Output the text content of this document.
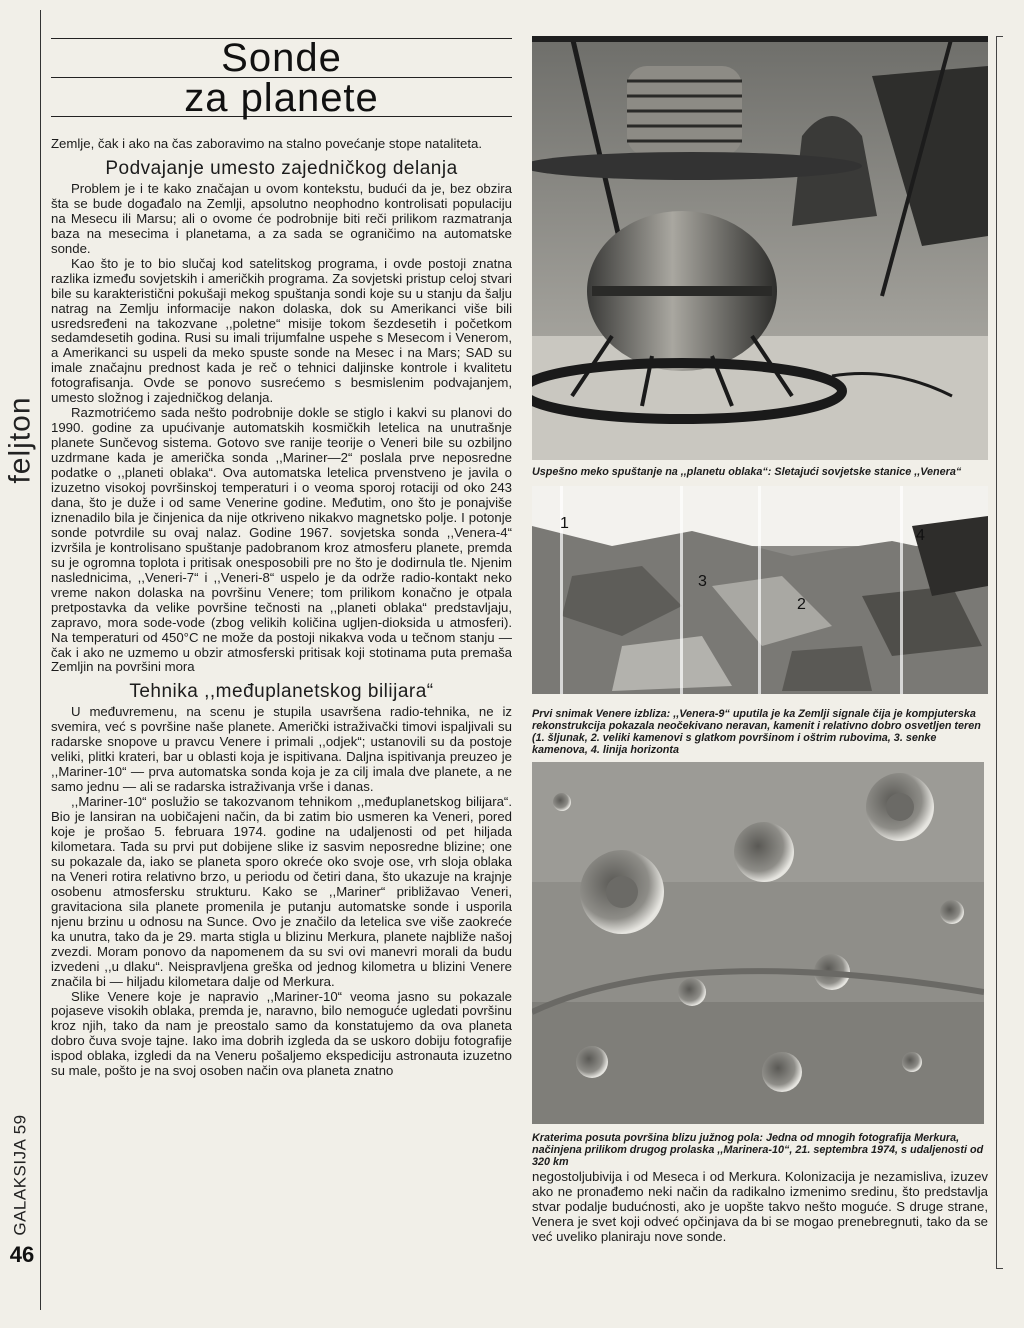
feljton
GALAKSIJA 59
46
Sonde
za planete

Zemlje, čak i ako na čas zaboravimo na stalno povećanje stope nataliteta.

Podvajanje umesto zajedničkog delanja

Problem je i te kako značajan u ovom kontekstu, budući da je, bez obzira šta se bude događalo na Zemlji, apsolutno neophodno kontrolisati populaciju na Mesecu ili Marsu; ali o ovome će podrobnije biti reči prilikom razmatranja baza na mesecima i planetama, a za sada se ograničimo na automatske sonde.

Kao što je to bio slučaj kod satelitskog programa, i ovde postoji znatna razlika između sovjetskih i američkih programa. Za sovjetski pristup celoj stvari bile su karakteristični pokušaji mekog spuštanja sondi koje su u stanju da šalju natrag na Zemlju informacije nakon dolaska, dok su Amerikanci više bili usredsređeni na takozvane ,,poletne“ misije tokom šezdesetih i početkom sedamdesetih godina. Rusi su imali trijumfalne uspehe s Mesecom i Venerom, a Amerikanci su uspeli da meko spuste sonde na Mesec i na Mars; SAD su imale značajnu prednost kada je reč o tehnici daljinske kontrole i kvalitetu fotografisanja. Ovde se ponovo susrećemo s besmislenim podvajanjem, umesto složnog i zajedničkog delanja.

Razmotrićemo sada nešto podrobnije dokle se stiglo i kakvi su planovi do 1990. godine za upućivanje automatskih kosmičkih letelica na unutrašnje planete Sunčevog sistema. Gotovo sve ranije teorije o Veneri bile su ozbiljno uzdrmane kada je američka sonda ,,Mariner—2“ poslala prve neposredne podatke o ,,planeti oblaka“. Ova automatska letelica prvenstveno je javila o izuzetno visokoj površinskoj temperaturi i o veoma sporoj rotaciji od oko 243 dana, što je duže i od same Venerine godine. Međutim, ono što je ponajviše iznenadilo bila je činjenica da nije otkriveno nikakvo magnetsko polje. I potonje sonde potvrdile su ovaj nalaz. Godine 1967. sovjetska sonda ,,Venera-4“ izvršila je kontrolisano spuštanje padobranom kroz atmosferu planete, premda su je ogromna toplota i pritisak onesposobili pre no što je dodirnula tle. Njenim naslednicima, ,,Veneri-7“ i ,,Veneri-8“ uspelo je da održe radio-kontakt neko vreme nakon dolaska na površinu Venere; tom prilikom konačno je otpala pretpostavka da velike površine tečnosti na ,,planeti oblaka“ predstavljaju, zapravo, mora sode-vode (zbog velikih količina ugljen-dioksida u atmosferi). Na temperaturi od 450°C ne može da postoji nikakva voda u tečnom stanju — čak i ako ne uzmemo u obzir atmosferski pritisak koji stotinama puta premaša Zemljin na površini mora

Tehnika ,,međuplanetskog bilijara“

U međuvremenu, na scenu je stupila usavršena radio-tehnika, ne iz svemira, već s površine naše planete. Američki istraživački timovi ispaljivali su radarske snopove u pravcu Venere i primali ,,odjek“; ustanovili su da postoje veliki, plitki krateri, bar u oblasti koja je ispitivana. Daljna ispitivanja preuzeo je ,,Mariner-10“ — prva automatska sonda koja je za cilj imala dve planete, a ne samo jednu — ali se radarska istraživanja vrše i danas.

,,Mariner-10“ poslužio se takozvanom tehnikom ,,međuplanetskog bilijara“. Bio je lansiran na uobičajeni način, da bi zatim bio usmeren ka Veneri, pored koje je prošao 5. februara 1974. godine na udaljenosti od pet hiljada kilometara. Tada su prvi put dobijene slike iz sasvim neposredne blizine; one su pokazale da, iako se planeta sporo okreće oko svoje ose, vrh sloja oblaka na Veneri rotira relativno brzo, u periodu od četiri dana, što ukazuje na krajnje osobenu atmosfersku strukturu. Kako se ,,Mariner“ približavao Veneri, gravitaciona sila planete promenila je putanju automatske sonde i usporila njenu brzinu u odnosu na Sunce. Ovo je značilo da letelica sve više zaokreće ka unutra, tako da je 29. marta stigla u blizinu Merkura, planete najbliže našoj zvezdi. Moram ponovo da napomenem da su svi ovi manevri morali da budu izvedeni ,,u dlaku“. Neispravljena greška od jednog kilometra u blizini Venere značila bi — hiljadu kilometara dalje od Merkura.

Slike Venere koje je napravio ,,Mariner-10“ veoma jasno su pokazale pojaseve visokih oblaka, premda je, naravno, bilo nemoguće ugledati površinu kroz njih, tako da nam je preostalo samo da konstatujemo da ova planeta dobro čuva svoje tajne. Iako ima dobrih izgleda da se uskoro dobiju fotografije ispod oblaka, izgledi da na Veneru pošaljemo ekspediciju astronauta izuzetno su male, pošto je na svoj osoben način ova planeta znatno

Uspešno meko spuštanje na ,,planetu oblaka“: Sletajući sovjetske stanice ,,Venera“
1
2
3
4
Prvi snimak Venere izbliza: ,,Venera-9“ uputila je ka Zemlji signale čija je kompjuterska rekonstrukcija pokazala neočekivano neravan, kamenit i relativno dobro osvetljen teren (1. šljunak, 2. veliki kamenovi s glatkom površinom i oštrim rubovima, 3. senke kamenova, 4. linija horizonta
Kraterima posuta površina blizu južnog pola: Jedna od mnogih fotografija Merkura, načinjena prilikom drugog prolaska ,,Marinera-10“, 21. septembra 1974, s udaljenosti od 320 km
negostoljubivija i od Meseca i od Merkura. Kolonizacija je nezamisliva, izuzev ako ne pronađemo neki način da radikalno izmenimo sredinu, što predstavlja stvar podalje budućnosti, ako je uopšte takvo nešto moguće. S druge strane, Venera je svet koji odveć opčinjava da bi se mogao prenebregnuti, tako da se već uveliko planiraju nove sonde.
